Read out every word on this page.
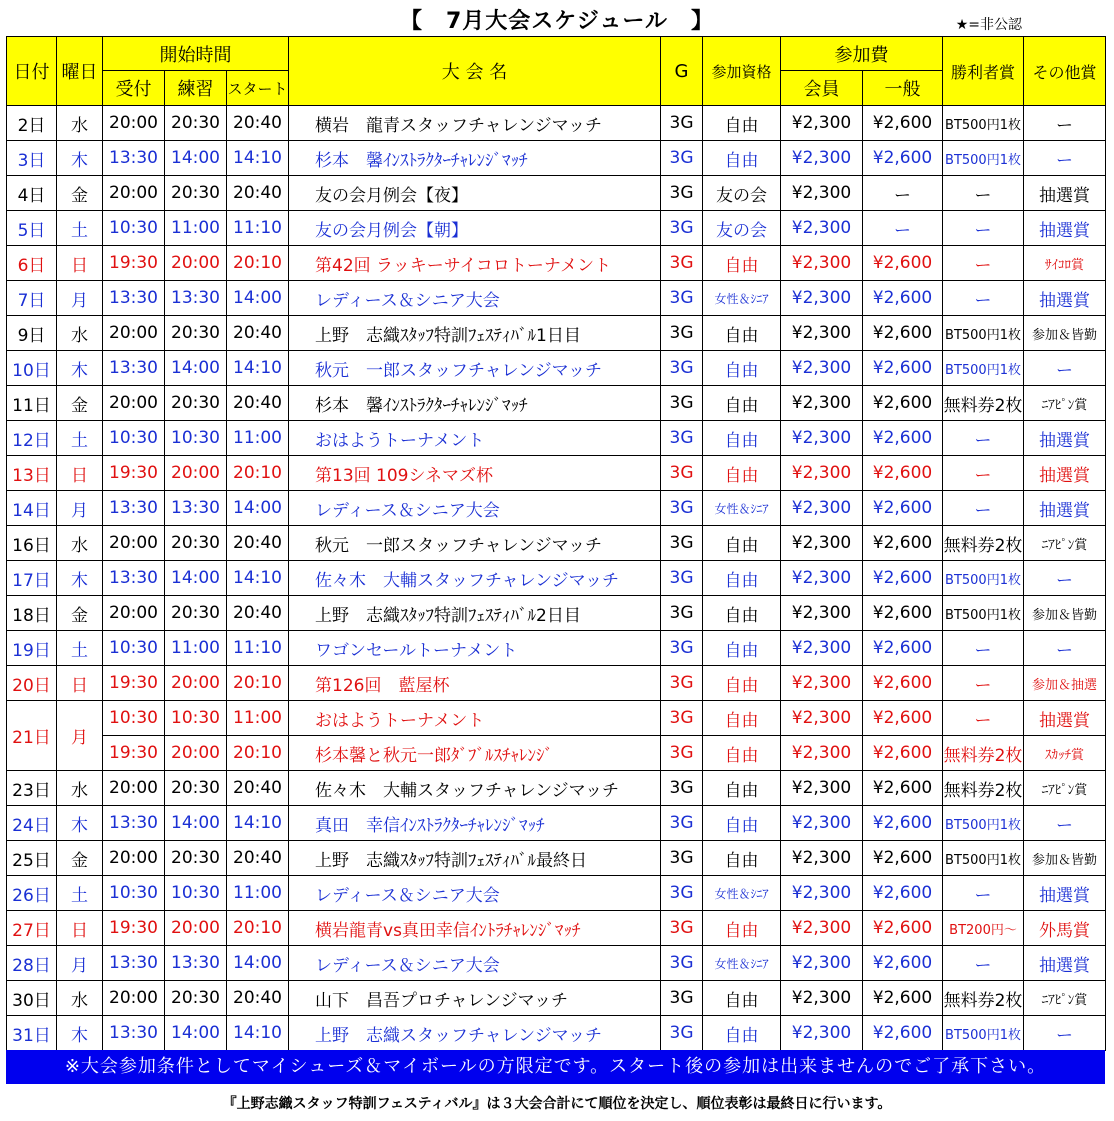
【　7月大会スケジュール　】	★=非公認
日付	曜日	開始時間			大 会 名	G	参加資格	参加費		勝利者賞	その他賞
		受付	練習	スタート				会員	一般		
2日	水	20:00	20:30	20:40	横岩　龍青スタッフチャレンジマッチ	3G	自由	¥2,300	¥2,600	BT500円1枚	ー
3日	木	13:30	14:00	14:10	杉本　馨ｲﾝｽﾄﾗｸﾀｰﾁｬﾚﾝｼﾞﾏｯﾁ	3G	自由	¥2,300	¥2,600	BT500円1枚	ー
4日	金	20:00	20:30	20:40	友の会月例会【夜】	3G	友の会	¥2,300	ー	ー	抽選賞
5日	土	10:30	11:00	11:10	友の会月例会【朝】	3G	友の会	¥2,300	ー	ー	抽選賞
6日	日	19:30	20:00	20:10	第42回 ラッキーサイコロトーナメント	3G	自由	¥2,300	¥2,600	ー	ｻｲｺﾛ賞
7日	月	13:30	13:30	14:00	レディース＆シニア大会	3G	女性＆ｼﾆｱ	¥2,300	¥2,600	ー	抽選賞
9日	水	20:00	20:30	20:40	上野　志織ｽﾀｯﾌ特訓ﾌｪｽﾃｨﾊﾞﾙ1日目	3G	自由	¥2,300	¥2,600	BT500円1枚	参加＆皆勤
10日	木	13:30	14:00	14:10	秋元　一郎スタッフチャレンジマッチ	3G	自由	¥2,300	¥2,600	BT500円1枚	ー
11日	金	20:00	20:30	20:40	杉本　馨ｲﾝｽﾄﾗｸﾀｰﾁｬﾚﾝｼﾞﾏｯﾁ	3G	自由	¥2,300	¥2,600	無料券2枚	ﾆｱﾋﾟﾝ賞
12日	土	10:30	10:30	11:00	おはようトーナメント	3G	自由	¥2,300	¥2,600	ー	抽選賞
13日	日	19:30	20:00	20:10	第13回 109シネマズ杯	3G	自由	¥2,300	¥2,600	ー	抽選賞
14日	月	13:30	13:30	14:00	レディース＆シニア大会	3G	女性＆ｼﾆｱ	¥2,300	¥2,600	ー	抽選賞
16日	水	20:00	20:30	20:40	秋元　一郎スタッフチャレンジマッチ	3G	自由	¥2,300	¥2,600	無料券2枚	ﾆｱﾋﾟﾝ賞
17日	木	13:30	14:00	14:10	佐々木　大輔スタッフチャレンジマッチ	3G	自由	¥2,300	¥2,600	BT500円1枚	ー
18日	金	20:00	20:30	20:40	上野　志織ｽﾀｯﾌ特訓ﾌｪｽﾃｨﾊﾞﾙ2日目	3G	自由	¥2,300	¥2,600	BT500円1枚	参加＆皆勤
19日	土	10:30	11:00	11:10	ワゴンセールトーナメント	3G	自由	¥2,300	¥2,600	ー	ー
20日	日	19:30	20:00	20:10	第126回　藍屋杯	3G	自由	¥2,300	¥2,600	ー	参加＆抽選
21日	月	10:30	10:30	11:00	おはようトーナメント	3G	自由	¥2,300	¥2,600	ー	抽選賞
		19:30	20:00	20:10	杉本馨と秋元一郎ﾀﾞﾌﾞﾙｽﾁｬﾚﾝｼﾞ	3G	自由	¥2,300	¥2,600	無料券2枚	ｽｶｯﾁ賞
23日	水	20:00	20:30	20:40	佐々木　大輔スタッフチャレンジマッチ	3G	自由	¥2,300	¥2,600	無料券2枚	ﾆｱﾋﾟﾝ賞
24日	木	13:30	14:00	14:10	真田　幸信ｲﾝｽﾄﾗｸﾀｰﾁｬﾚﾝｼﾞﾏｯﾁ	3G	自由	¥2,300	¥2,600	BT500円1枚	ー
25日	金	20:00	20:30	20:40	上野　志織ｽﾀｯﾌ特訓ﾌｪｽﾃｨﾊﾞﾙ最終日	3G	自由	¥2,300	¥2,600	BT500円1枚	参加＆皆勤
26日	土	10:30	10:30	11:00	レディース＆シニア大会	3G	女性＆ｼﾆｱ	¥2,300	¥2,600	ー	抽選賞
27日	日	19:30	20:00	20:10	横岩龍青vs真田幸信ｲﾝﾄﾗﾁｬﾚﾝｼﾞﾏｯﾁ	3G	自由	¥2,300	¥2,600	BT200円～	外馬賞
28日	月	13:30	13:30	14:00	レディース＆シニア大会	3G	女性＆ｼﾆｱ	¥2,300	¥2,600	ー	抽選賞
30日	水	20:00	20:30	20:40	山下　昌吾プロチャレンジマッチ	3G	自由	¥2,300	¥2,600	無料券2枚	ﾆｱﾋﾟﾝ賞
31日	木	13:30	14:00	14:10	上野　志織スタッフチャレンジマッチ	3G	自由	¥2,300	¥2,600	BT500円1枚	ー
※大会参加条件としてマイシューズ＆マイボールの方限定です。スタート後の参加は出来ませんのでご了承下さい。
『上野志織スタッフ特訓フェスティバル』は３大会合計にて順位を決定し、順位表彰は最終日に行います。
